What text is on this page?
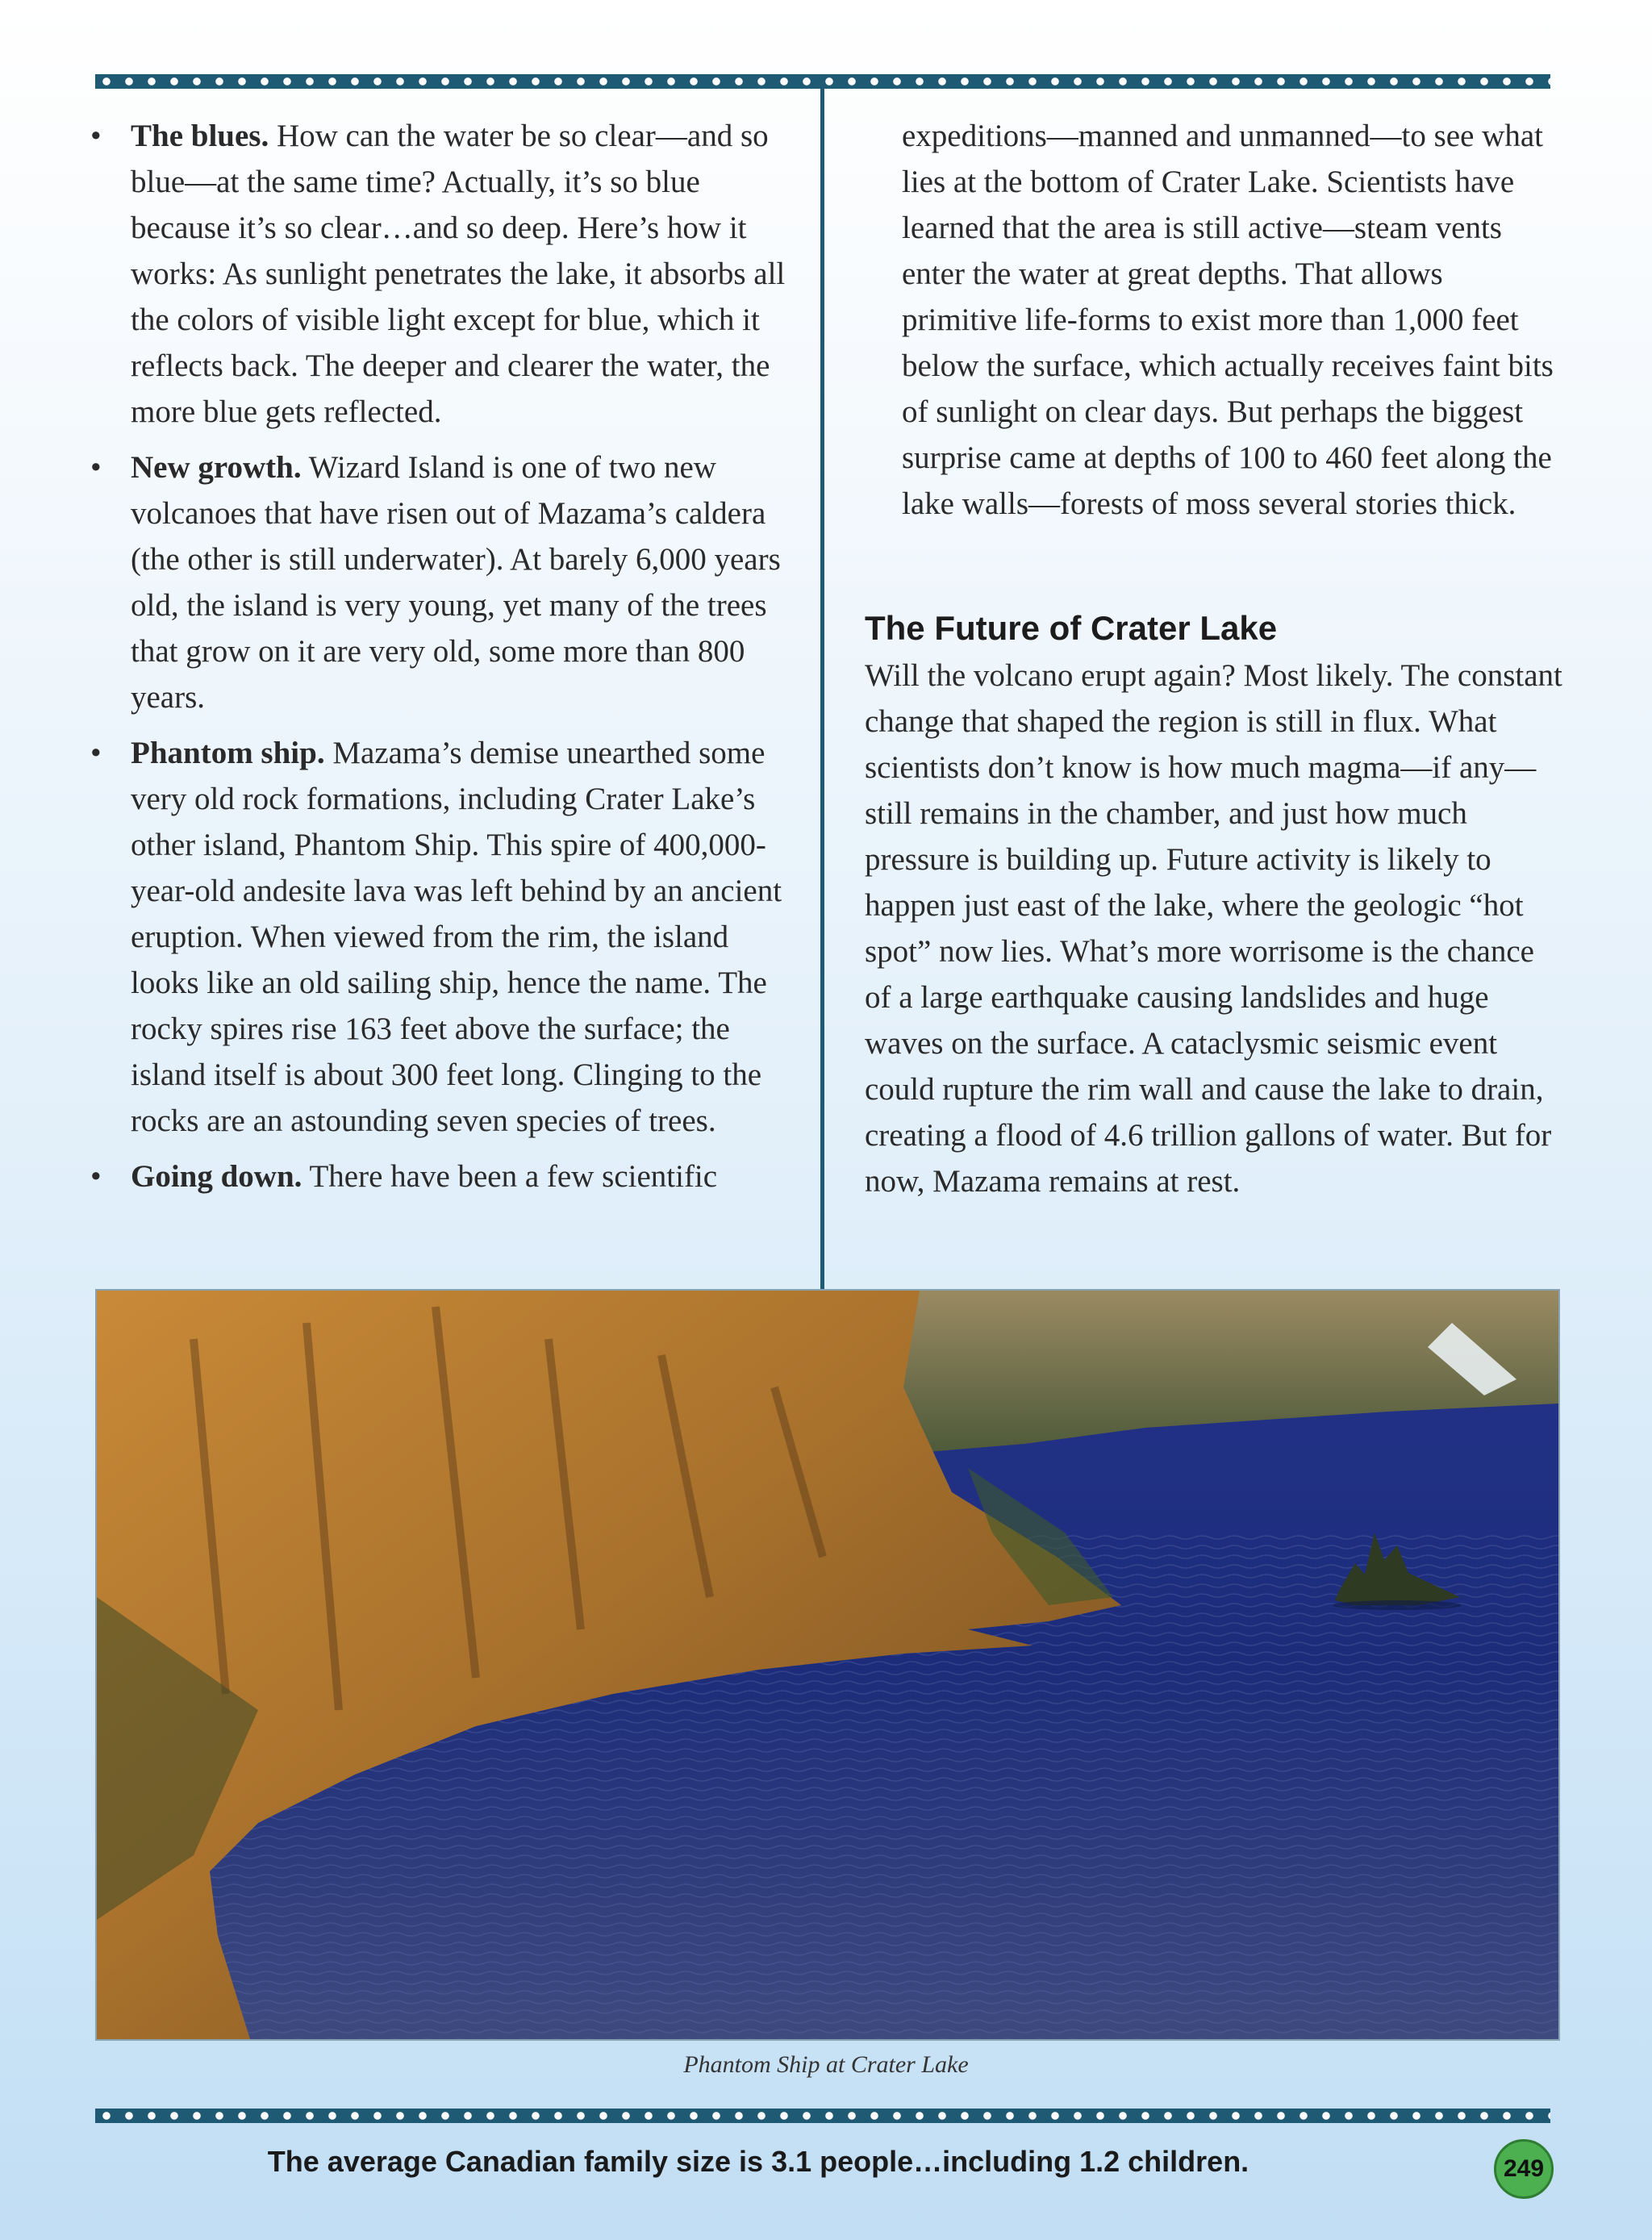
• The blues. How can the water be so clear—and so blue—at the same time? Actually, it’s so blue because it’s so clear…and so deep. Here’s how it works: As sunlight penetrates the lake, it absorbs all the colors of visible light except for blue, which it reflects back. The deeper and clearer the water, the more blue gets reflected.
• New growth. Wizard Island is one of two new volcanoes that have risen out of Mazama’s caldera (the other is still underwater). At barely 6,000 years old, the island is very young, yet many of the trees that grow on it are very old, some more than 800 years.
• Phantom ship. Mazama’s demise unearthed some very old rock formations, including Crater Lake’s other island, Phantom Ship. This spire of 400,000-year-old andesite lava was left behind by an ancient eruption. When viewed from the rim, the island looks like an old sailing ship, hence the name. The rocky spires rise 163 feet above the surface; the island itself is about 300 feet long. Clinging to the rocks are an astounding seven species of trees.
• Going down. There have been a few scientific

expeditions—manned and unmanned—to see what lies at the bottom of Crater Lake. Scientists have learned that the area is still active—steam vents enter the water at great depths. That allows primitive life-forms to exist more than 1,000 feet below the surface, which actually receives faint bits of sunlight on clear days. But perhaps the biggest surprise came at depths of 100 to 460 feet along the lake walls—forests of moss several stories thick.

The Future of Crater Lake

Will the volcano erupt again? Most likely. The constant change that shaped the region is still in flux. What scientists don’t know is how much magma—if any—still remains in the chamber, and just how much pressure is building up. Future activity is likely to happen just east of the lake, where the geologic “hot spot” now lies. What’s more worrisome is the chance of a large earthquake causing landslides and huge waves on the surface. A cataclysmic seismic event could rupture the rim wall and cause the lake to drain, creating a flood of 4.6 trillion gallons of water. But for now, Mazama remains at rest.

Phantom Ship at Crater Lake
The average Canadian family size is 3.1 people…including 1.2 children.	249
